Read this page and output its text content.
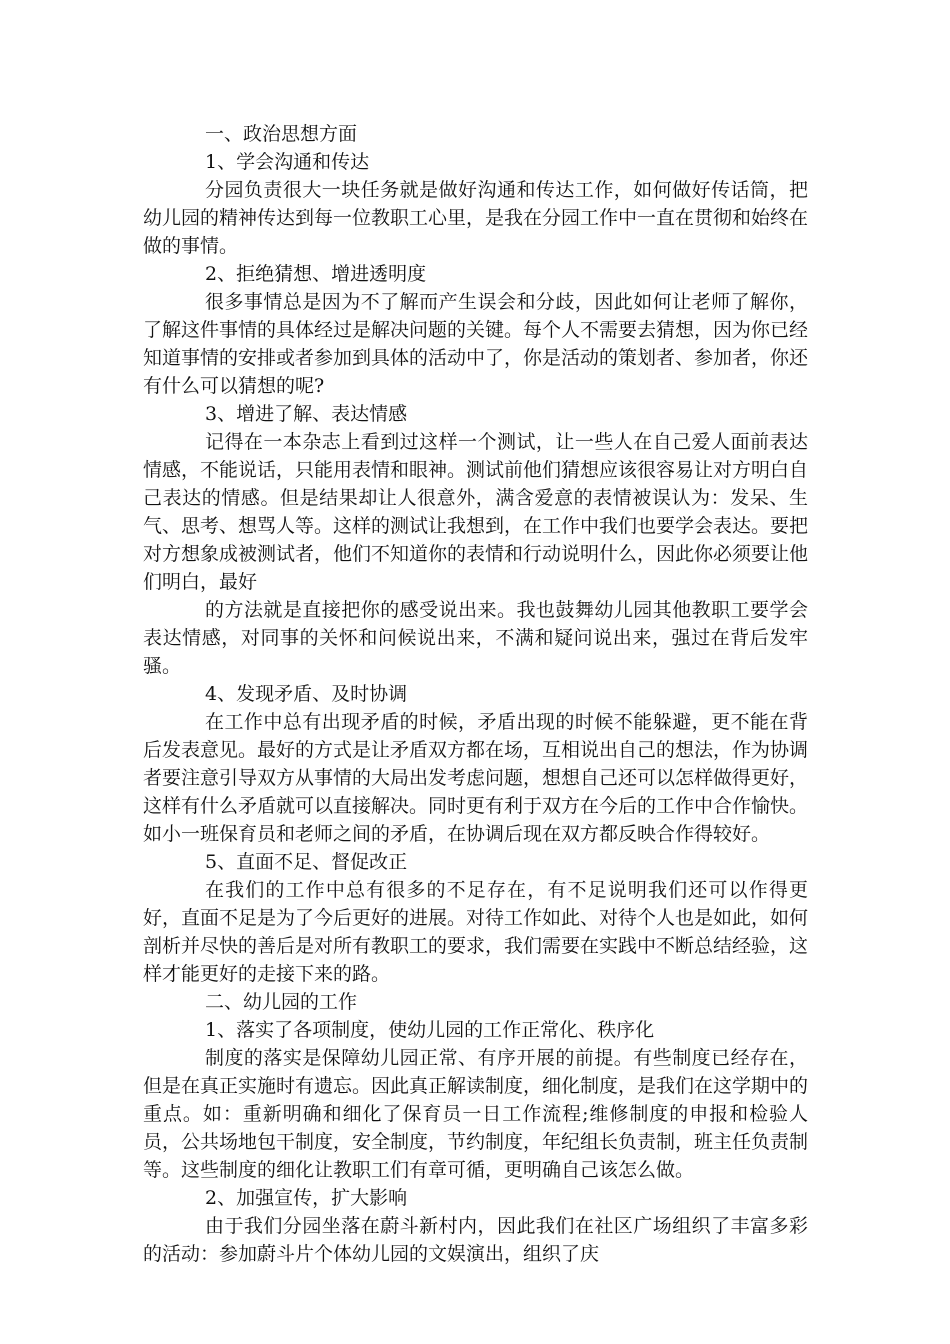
一、政治思想方面

1、学会沟通和传达

分园负责很大一块任务就是做好沟通和传达工作，如何做好传话筒，把幼儿园的精神传达到每一位教职工心里，是我在分园工作中一直在贯彻和始终在做的事情。

2、拒绝猜想、增进透明度

很多事情总是因为不了解而产生误会和分歧，因此如何让老师了解你，了解这件事情的具体经过是解决问题的关键。每个人不需要去猜想，因为你已经知道事情的安排或者参加到具体的活动中了，你是活动的策划者、参加者，你还有什么可以猜想的呢?

3、增进了解、表达情感

记得在一本杂志上看到过这样一个测试，让一些人在自己爱人面前表达情感，不能说话，只能用表情和眼神。测试前他们猜想应该很容易让对方明白自己表达的情感。但是结果却让人很意外，满含爱意的表情被误认为：发呆、生气、思考、想骂人等。这样的测试让我想到，在工作中我们也要学会表达。要把对方想象成被测试者，他们不知道你的表情和行动说明什么，因此你必须要让他们明白，最好

的方法就是直接把你的感受说出来。我也鼓舞幼儿园其他教职工要学会表达情感，对同事的关怀和问候说出来，不满和疑问说出来，强过在背后发牢骚。

4、发现矛盾、及时协调

在工作中总有出现矛盾的时候，矛盾出现的时候不能躲避，更不能在背后发表意见。最好的方式是让矛盾双方都在场，互相说出自己的想法，作为协调者要注意引导双方从事情的大局出发考虑问题，想想自己还可以怎样做得更好，这样有什么矛盾就可以直接解决。同时更有利于双方在今后的工作中合作愉快。如小一班保育员和老师之间的矛盾，在协调后现在双方都反映合作得较好。

5、直面不足、督促改正

在我们的工作中总有很多的不足存在，有不足说明我们还可以作得更好，直面不足是为了今后更好的进展。对待工作如此、对待个人也是如此，如何剖析并尽快的善后是对所有教职工的要求，我们需要在实践中不断总结经验，这样才能更好的走接下来的路。

二、幼儿园的工作

1、落实了各项制度，使幼儿园的工作正常化、秩序化

制度的落实是保障幼儿园正常、有序开展的前提。有些制度已经存在，但是在真正实施时有遗忘。因此真正解读制度，细化制度，是我们在这学期中的重点。如：重新明确和细化了保育员一日工作流程;维修制度的申报和检验人员，公共场地包干制度，安全制度，节约制度，年纪组长负责制，班主任负责制等。这些制度的细化让教职工们有章可循，更明确自己该怎么做。

2、加强宣传，扩大影响

由于我们分园坐落在蔚斗新村内，因此我们在社区广场组织了丰富多彩的活动：参加蔚斗片个体幼儿园的文娱演出，组织了庆
